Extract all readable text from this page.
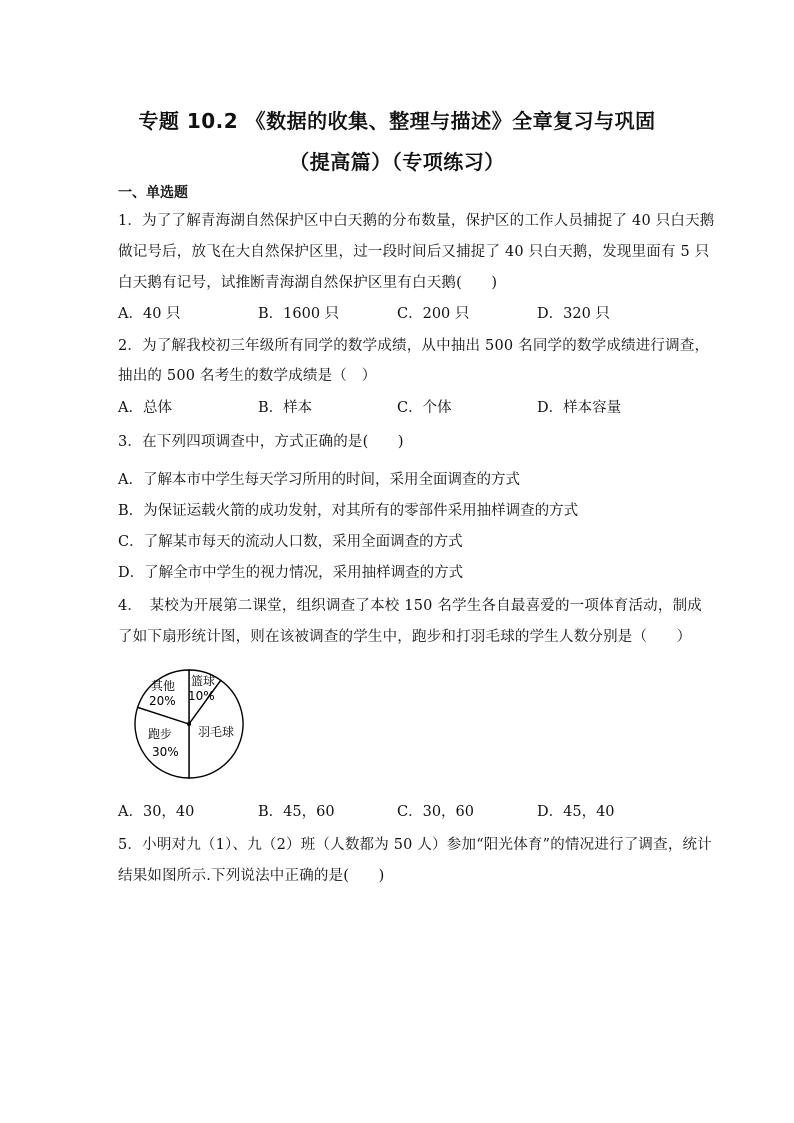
专题 10.2 《数据的收集、整理与描述》全章复习与巩固
（提高篇）（专项练习）
一、单选题
1．为了了解青海湖自然保护区中白天鹅的分布数量，保护区的工作人员捕捉了 40 只白天鹅
做记号后，放飞在大自然保护区里，过一段时间后又捕捉了 40 只白天鹅，发现里面有 5 只
白天鹅有记号，试推断青海湖自然保护区里有白天鹅(　　)
A．40 只	B．1600 只	C．200 只	D．320 只
2．为了解我校初三年级所有同学的数学成绩，从中抽出 500 名同学的数学成绩进行调查，
抽出的 500 名考生的数学成绩是（　）
A．总体	B．样本	C．个体	D．样本容量
3．在下列四项调查中，方式正确的是(　　)
A．了解本市中学生每天学习所用的时间，采用全面调查的方式
B．为保证运载火箭的成功发射，对其所有的零部件采用抽样调查的方式
C．了解某市每天的流动人口数，采用全面调查的方式
D．了解全市中学生的视力情况，采用抽样调查的方式
4．　某校为开展第二课堂，组织调查了本校 150 名学生各自最喜爱的一项体育活动，制成
了如下扇形统计图，则在该被调查的学生中，跑步和打羽毛球的学生人数分别是（　　）
篮球
10%
其他
20%
羽毛球
跑步
30%
A．30，40	B．45，60	C．30，60	D．45，40
5．小明对九（1）、九（2）班（人数都为 50 人）参加“阳光体育”的情况进行了调查，统计
结果如图所示.下列说法中正确的是(　　)
